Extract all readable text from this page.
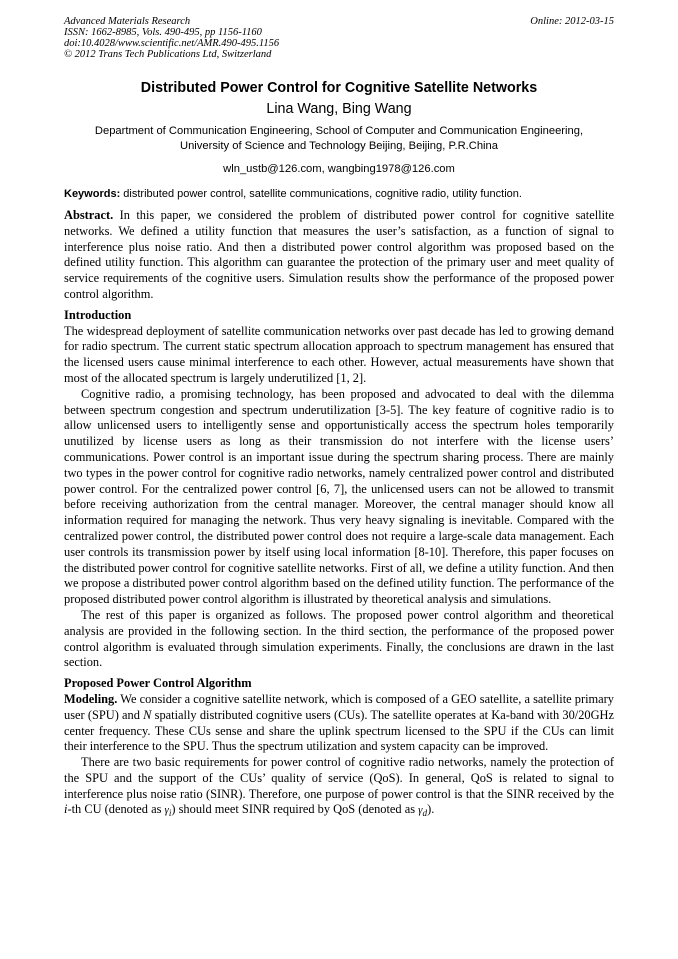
Advanced Materials Research
ISSN: 1662-8985, Vols. 490-495, pp 1156-1160
doi:10.4028/www.scientific.net/AMR.490-495.1156
© 2012 Trans Tech Publications Ltd, Switzerland
Online: 2012-03-15
Distributed Power Control for Cognitive Satellite Networks
Lina Wang, Bing Wang
Department of Communication Engineering, School of Computer and Communication Engineering,
University of Science and Technology Beijing, Beijing, P.R.China
wln_ustb@126.com, wangbing1978@126.com
Keywords: distributed power control, satellite communications, cognitive radio, utility function.

Abstract. In this paper, we considered the problem of distributed power control for cognitive satellite networks. We defined a utility function that measures the user’s satisfaction, as a function of signal to interference plus noise ratio. And then a distributed power control algorithm was proposed based on the defined utility function. This algorithm can guarantee the protection of the primary user and meet quality of service requirements of the cognitive users. Simulation results show the performance of the proposed power control algorithm.

Introduction

The widespread deployment of satellite communication networks over past decade has led to growing demand for radio spectrum. The current static spectrum allocation approach to spectrum management has ensured that the licensed users cause minimal interference to each other. However, actual measurements have shown that most of the allocated spectrum is largely underutilized [1, 2].

Cognitive radio, a promising technology, has been proposed and advocated to deal with the dilemma between spectrum congestion and spectrum underutilization [3-5]. The key feature of cognitive radio is to allow unlicensed users to intelligently sense and opportunistically access the spectrum holes temporarily unutilized by license users as long as their transmission do not interfere with the license users’ communications. Power control is an important issue during the spectrum sharing process. There are mainly two types in the power control for cognitive radio networks, namely centralized power control and distributed power control. For the centralized power control [6, 7], the unlicensed users can not be allowed to transmit before receiving authorization from the central manager. Moreover, the central manager should know all information required for managing the network. Thus very heavy signaling is inevitable. Compared with the centralized power control, the distributed power control does not require a large-scale data management. Each user controls its transmission power by itself using local information [8-10]. Therefore, this paper focuses on the distributed power control for cognitive satellite networks. First of all, we define a utility function. And then we propose a distributed power control algorithm based on the defined utility function. The performance of the proposed distributed power control algorithm is illustrated by theoretical analysis and simulations.

The rest of this paper is organized as follows. The proposed power control algorithm and theoretical analysis are provided in the following section. In the third section, the performance of the proposed power control algorithm is evaluated through simulation experiments. Finally, the conclusions are drawn in the last section.

Proposed Power Control Algorithm

Modeling. We consider a cognitive satellite network, which is composed of a GEO satellite, a satellite primary user (SPU) and N spatially distributed cognitive users (CUs). The satellite operates at Ka-band with 30/20GHz center frequency. These CUs sense and share the uplink spectrum licensed to the SPU if the CUs can limit their interference to the SPU. Thus the spectrum utilization and system capacity can be improved.

There are two basic requirements for power control of cognitive radio networks, namely the protection of the SPU and the support of the CUs’ quality of service (QoS). In general, QoS is related to signal to interference plus noise ratio (SINR). Therefore, one purpose of power control is that the SINR received by the i-th CU (denoted as $\gamma_i$) should meet SINR required by QoS (denoted as $\gamma_d$).
